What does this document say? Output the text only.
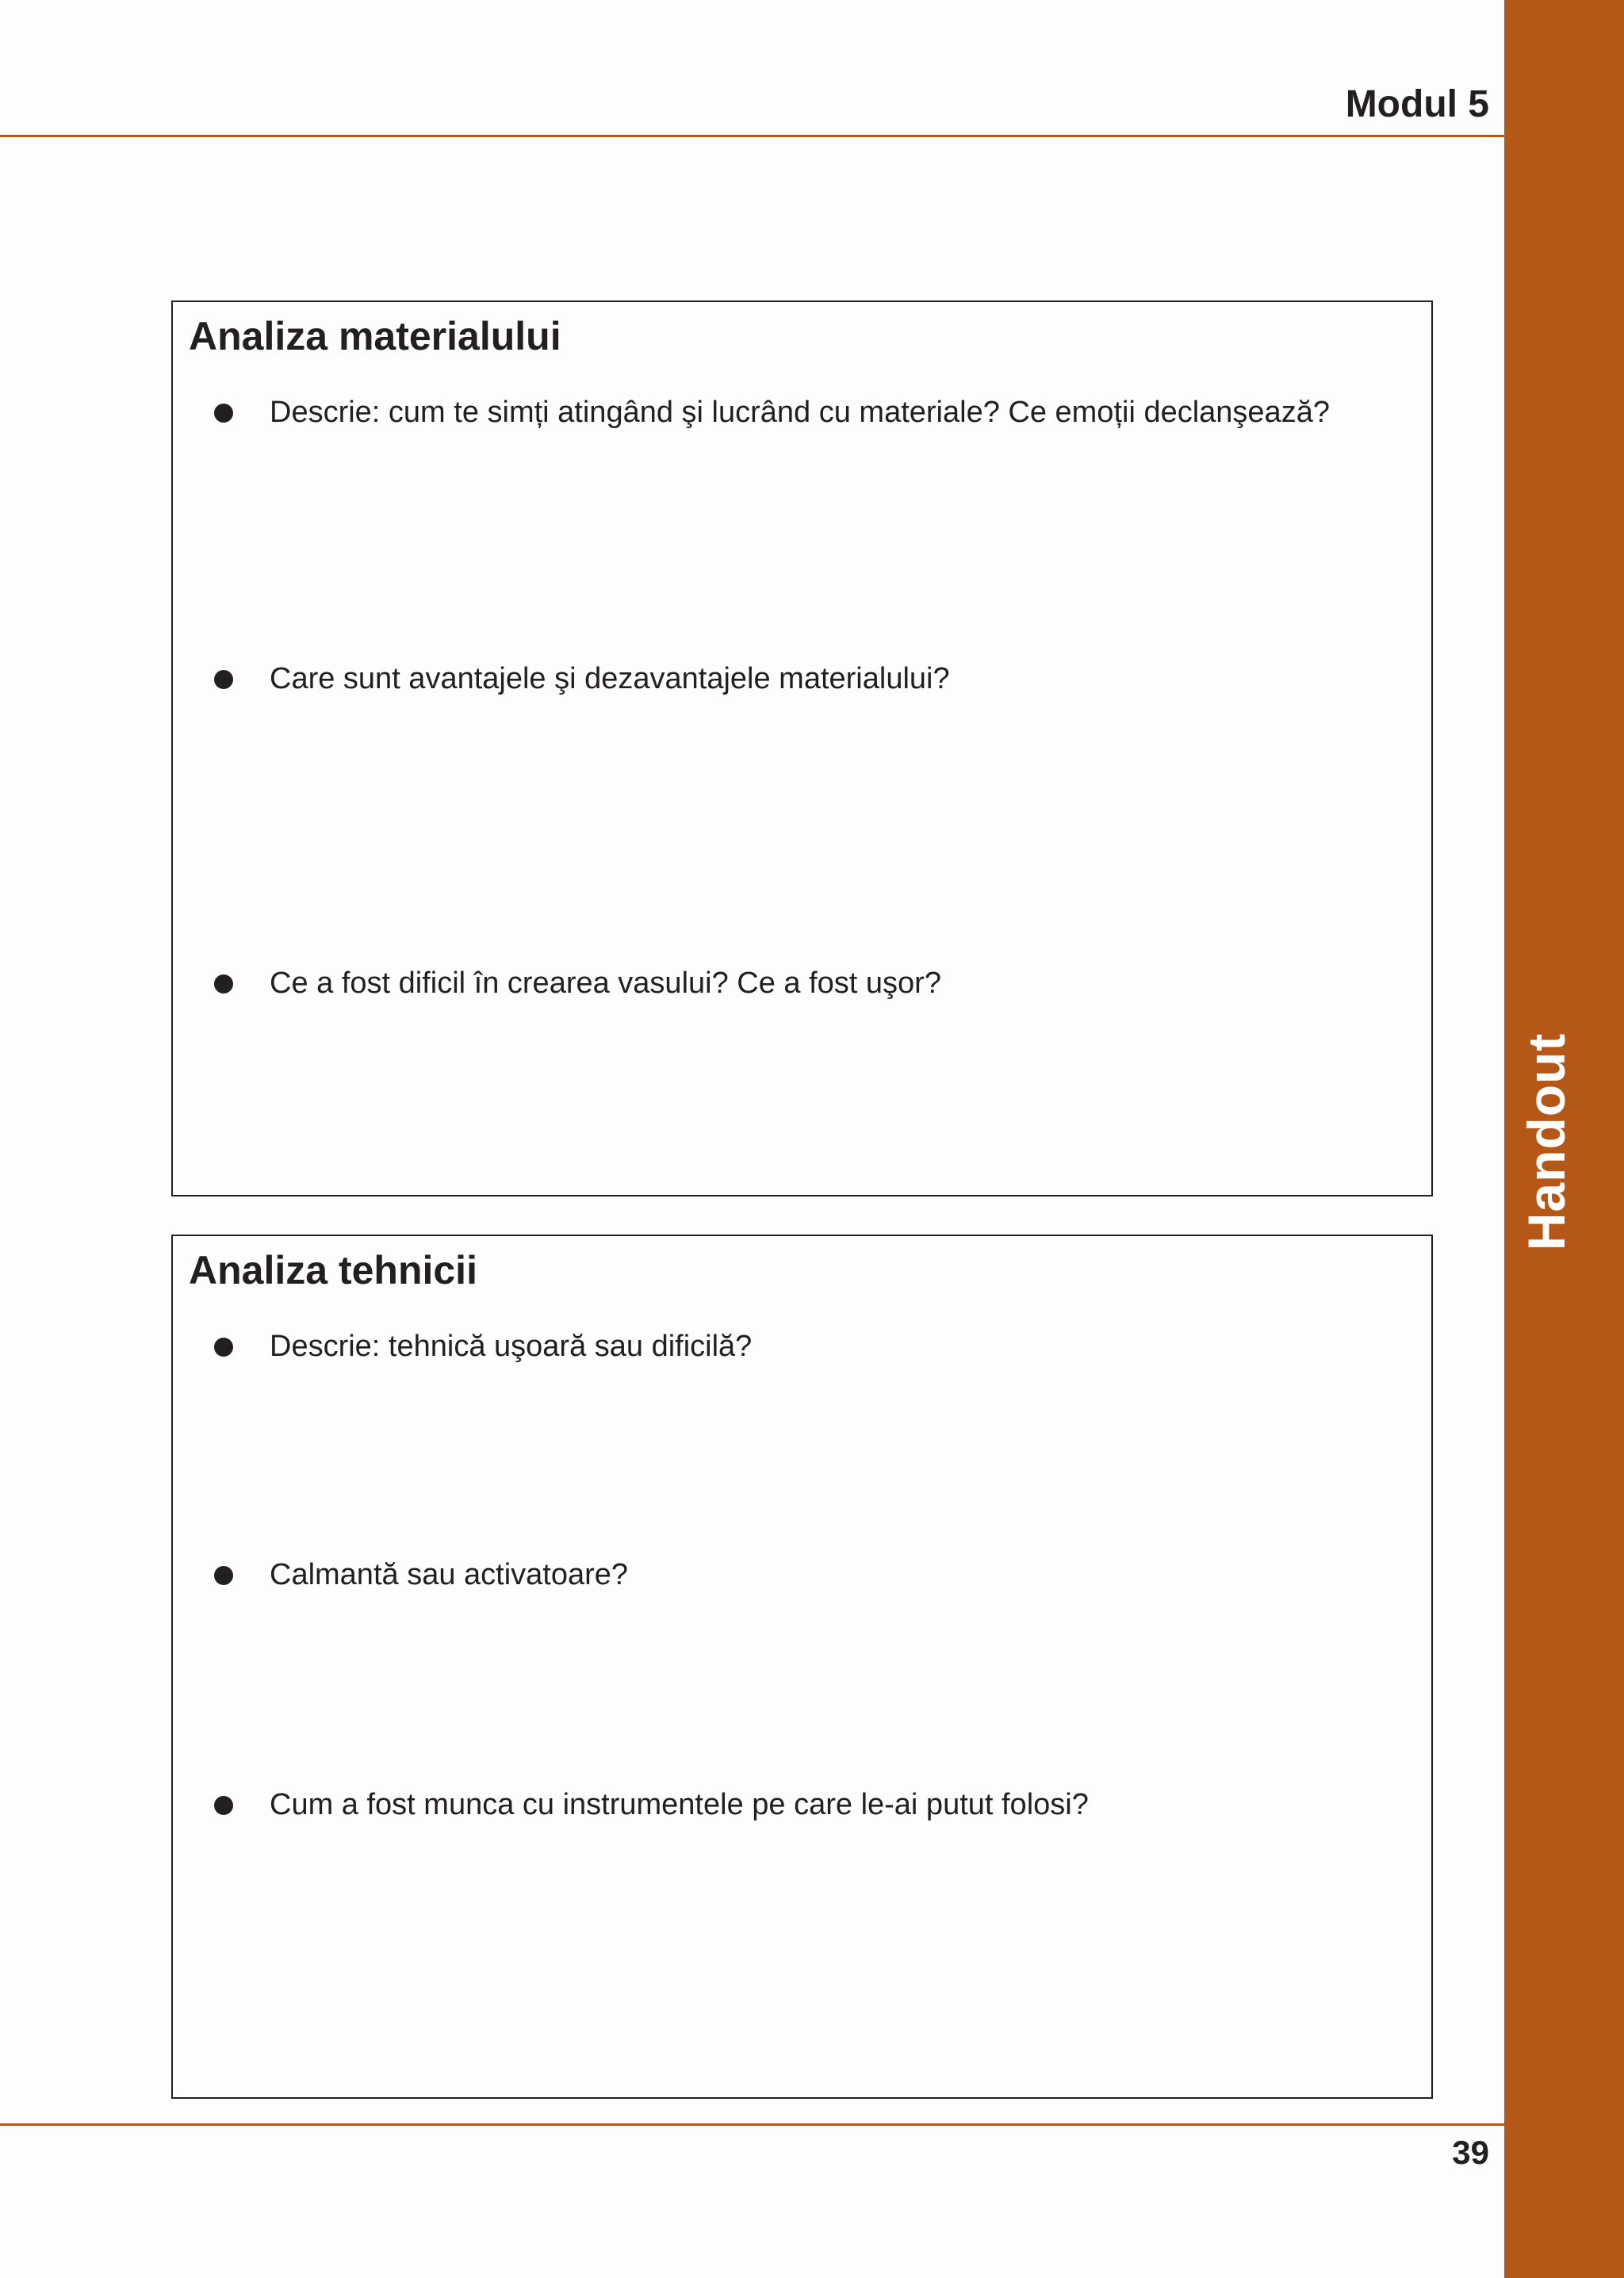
Handout
Modul 5
Analiza materialului
Descrie: cum te simți atingând şi lucrând cu materiale? Ce emoții declanşează?
Care sunt avantajele şi dezavantajele materialului?
Ce a fost dificil în crearea vasului? Ce a fost uşor?
Analiza tehnicii
Descrie: tehnică uşoară sau dificilă?
Calmantă sau activatoare?
Cum a fost munca cu instrumentele pe care le-ai putut folosi?
39
